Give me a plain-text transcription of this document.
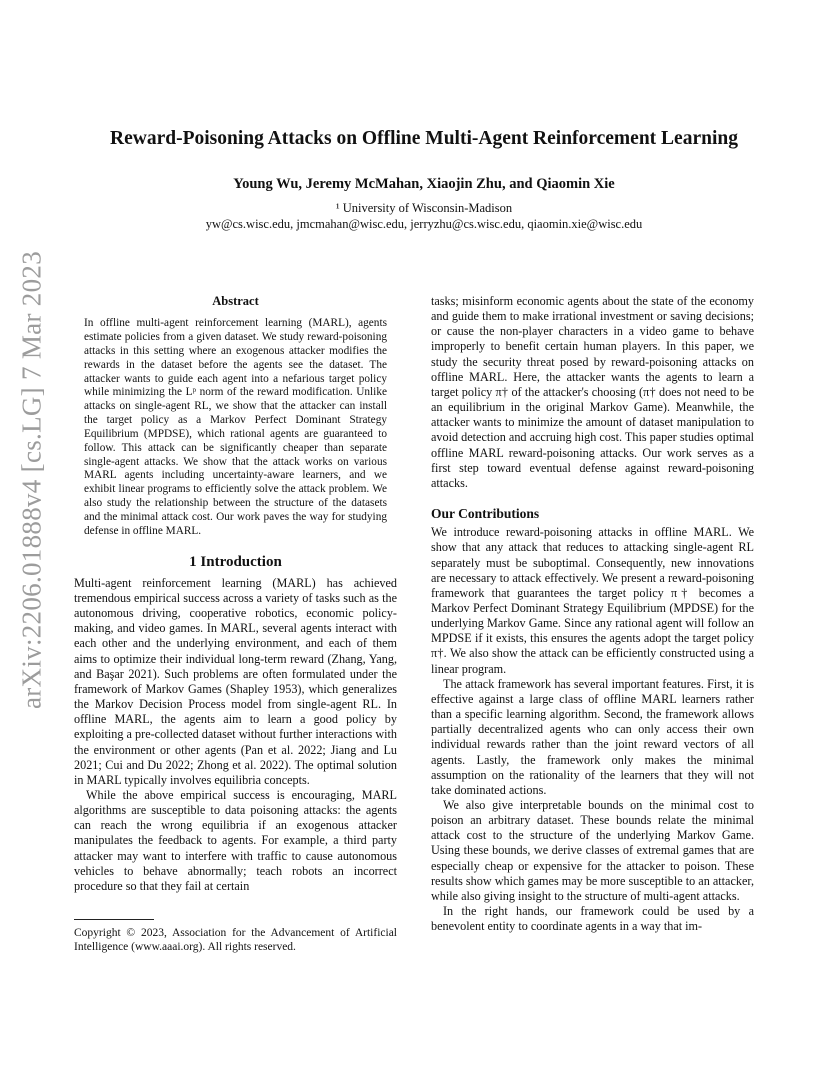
arXiv:2206.01888v4 [cs.LG] 7 Mar 2023
Reward-Poisoning Attacks on Offline Multi-Agent Reinforcement Learning
Young Wu, Jeremy McMahan, Xiaojin Zhu, and Qiaomin Xie
¹ University of Wisconsin-Madison
yw@cs.wisc.edu, jmcmahan@wisc.edu, jerryzhu@cs.wisc.edu, qiaomin.xie@wisc.edu
Abstract

In offline multi-agent reinforcement learning (MARL), agents estimate policies from a given dataset. We study reward-poisoning attacks in this setting where an exogenous attacker modifies the rewards in the dataset before the agents see the dataset. The attacker wants to guide each agent into a nefarious target policy while minimizing the Lᵖ norm of the reward modification. Unlike attacks on single-agent RL, we show that the attacker can install the target policy as a Markov Perfect Dominant Strategy Equilibrium (MPDSE), which rational agents are guaranteed to follow. This attack can be significantly cheaper than separate single-agent attacks. We show that the attack works on various MARL agents including uncertainty-aware learners, and we exhibit linear programs to efficiently solve the attack problem. We also study the relationship between the structure of the datasets and the minimal attack cost. Our work paves the way for studying defense in offline MARL.

1 Introduction

Multi-agent reinforcement learning (MARL) has achieved tremendous empirical success across a variety of tasks such as the autonomous driving, cooperative robotics, economic policy-making, and video games. In MARL, several agents interact with each other and the underlying environment, and each of them aims to optimize their individual long-term reward (Zhang, Yang, and Başar 2021). Such problems are often formulated under the framework of Markov Games (Shapley 1953), which generalizes the Markov Decision Process model from single-agent RL. In offline MARL, the agents aim to learn a good policy by exploiting a pre-collected dataset without further interactions with the environment or other agents (Pan et al. 2022; Jiang and Lu 2021; Cui and Du 2022; Zhong et al. 2022). The optimal solution in MARL typically involves equilibria concepts.

While the above empirical success is encouraging, MARL algorithms are susceptible to data poisoning attacks: the agents can reach the wrong equilibria if an exogenous attacker manipulates the feedback to agents. For example, a third party attacker may want to interfere with traffic to cause autonomous vehicles to behave abnormally; teach robots an incorrect procedure so that they fail at certain

Copyright © 2023, Association for the Advancement of Artificial Intelligence (www.aaai.org). All rights reserved.

tasks; misinform economic agents about the state of the economy and guide them to make irrational investment or saving decisions; or cause the non-player characters in a video game to behave improperly to benefit certain human players. In this paper, we study the security threat posed by reward-poisoning attacks on offline MARL. Here, the attacker wants the agents to learn a target policy π† of the attacker's choosing (π† does not need to be an equilibrium in the original Markov Game). Meanwhile, the attacker wants to minimize the amount of dataset manipulation to avoid detection and accruing high cost. This paper studies optimal offline MARL reward-poisoning attacks. Our work serves as a first step toward eventual defense against reward-poisoning attacks.

Our Contributions

We introduce reward-poisoning attacks in offline MARL. We show that any attack that reduces to attacking single-agent RL separately must be suboptimal. Consequently, new innovations are necessary to attack effectively. We present a reward-poisoning framework that guarantees the target policy π† becomes a Markov Perfect Dominant Strategy Equilibrium (MPDSE) for the underlying Markov Game. Since any rational agent will follow an MPDSE if it exists, this ensures the agents adopt the target policy π†. We also show the attack can be efficiently constructed using a linear program.

The attack framework has several important features. First, it is effective against a large class of offline MARL learners rather than a specific learning algorithm. Second, the framework allows partially decentralized agents who can only access their own individual rewards rather than the joint reward vectors of all agents. Lastly, the framework only makes the minimal assumption on the rationality of the learners that they will not take dominated actions.

We also give interpretable bounds on the minimal cost to poison an arbitrary dataset. These bounds relate the minimal attack cost to the structure of the underlying Markov Game. Using these bounds, we derive classes of extremal games that are especially cheap or expensive for the attacker to poison. These results show which games may be more susceptible to an attacker, while also giving insight to the structure of multi-agent attacks.

In the right hands, our framework could be used by a benevolent entity to coordinate agents in a way that im-
